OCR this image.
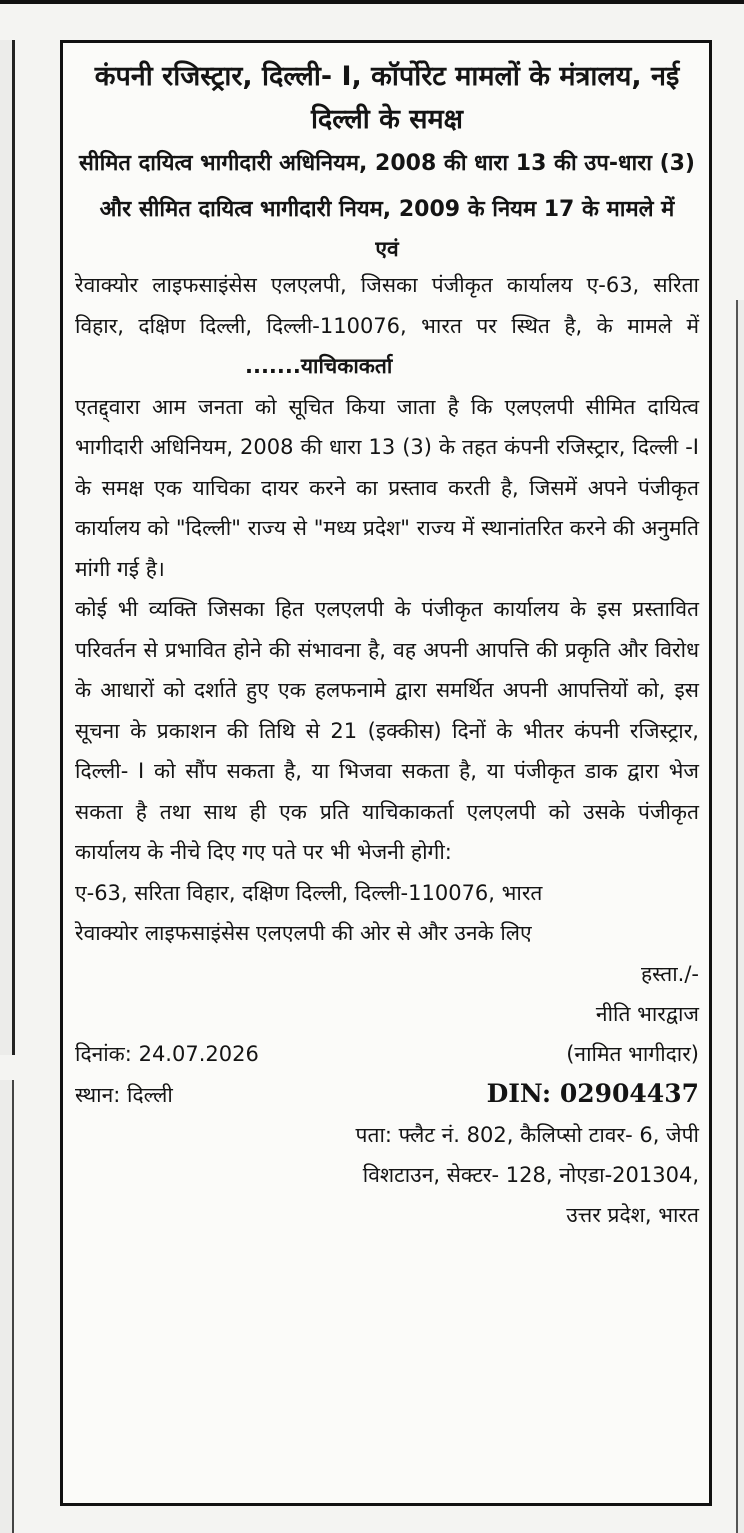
कंपनी रजिस्ट्रार, दिल्ली- I, कॉर्पोरेट मामलों के मंत्रालय, नई दिल्ली के समक्ष
सीमित दायित्व भागीदारी अधिनियम, 2008 की धारा 13 की उप-धारा (3) और सीमित दायित्व भागीदारी नियम, 2009 के नियम 17 के मामले में
एवं
रेवाक्योर लाइफसाइंसेस एलएलपी, जिसका पंजीकृत कार्यालय ए-63, सरिता विहार, दक्षिण दिल्ली, दिल्ली-110076, भारत पर स्थित है, के मामले में.......याचिकाकर्ता
एतद्द्वारा आम जनता को सूचित किया जाता है कि एलएलपी सीमित दायित्व भागीदारी अधिनियम, 2008 की धारा 13 (3) के तहत कंपनी रजिस्ट्रार, दिल्ली -I के समक्ष एक याचिका दायर करने का प्रस्ताव करती है, जिसमें अपने पंजीकृत कार्यालय को "दिल्ली" राज्य से "मध्य प्रदेश" राज्य में स्थानांतरित करने की अनुमति मांगी गई है।
कोई भी व्यक्ति जिसका हित एलएलपी के पंजीकृत कार्यालय के इस प्रस्तावित परिवर्तन से प्रभावित होने की संभावना है, वह अपनी आपत्ति की प्रकृति और विरोध के आधारों को दर्शाते हुए एक हलफनामे द्वारा समर्थित अपनी आपत्तियों को, इस सूचना के प्रकाशन की तिथि से 21 (इक्कीस) दिनों के भीतर कंपनी रजिस्ट्रार, दिल्ली- I को सौंप सकता है, या भिजवा सकता है, या पंजीकृत डाक द्वारा भेज सकता है तथा साथ ही एक प्रति याचिकाकर्ता एलएलपी को उसके पंजीकृत कार्यालय के नीचे दिए गए पते पर भी भेजनी होगी:
ए-63, सरिता विहार, दक्षिण दिल्ली, दिल्ली-110076, भारत
रेवाक्योर लाइफसाइंसेस एलएलपी की ओर से और उनके लिए
हस्ता./-
नीति भारद्वाज
दिनांक: 24.07.2026	(नामित भागीदार)
स्थान: दिल्ली	DIN: 02904437
पता: फ्लैट नं. 802, कैलिप्सो टावर- 6, जेपी
विशटाउन, सेक्टर- 128, नोएडा-201304,
उत्तर प्रदेश, भारत
